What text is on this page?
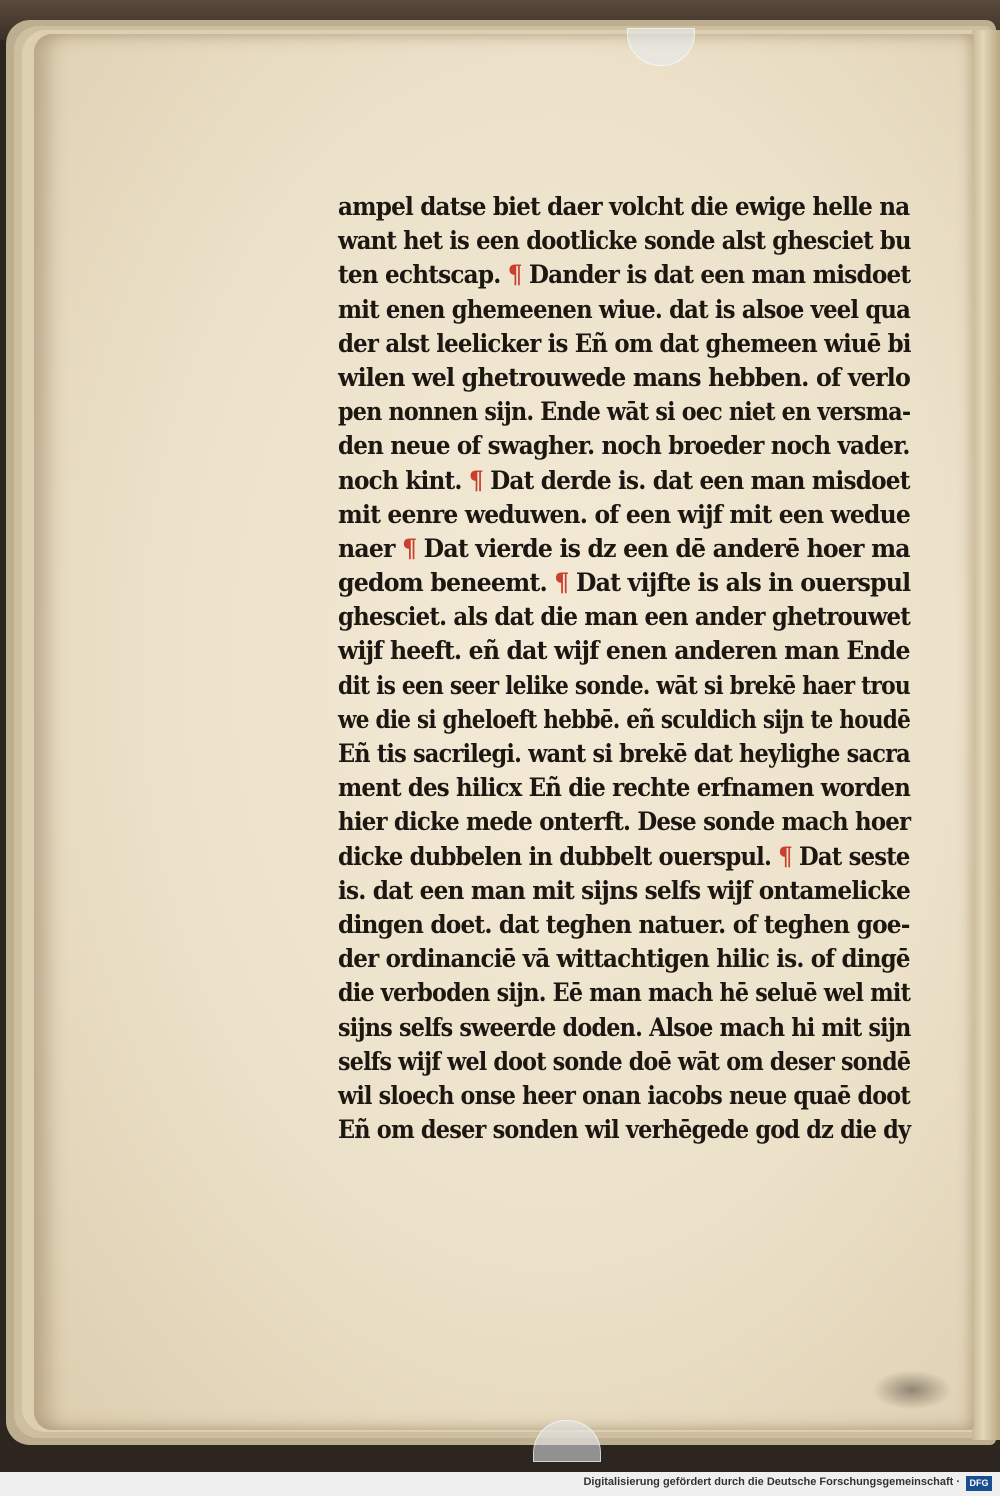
ampel datse biet daer volcht die ewige helle na
want het is een dootlicke sonde alst ghesciet bu
ten echtscap. ¶ Dander is dat een man misdoet
mit enen ghemeenen wiue. dat is alsoe veel qua
der alst leelicker is Eñ om dat ghemeen wiuē bi
wilen wel ghetrouwede mans hebben. of verlo
pen nonnen sijn. Ende wāt si oec niet en versma-
den neue of swagher. noch broeder noch vader.
noch kint. ¶ Dat derde is. dat een man misdoet
mit eenre weduwen. of een wijf mit een wedue
naer ¶ Dat vierde is dz een dē anderē hoer ma
gedom beneemt. ¶ Dat vijfte is als in ouerspul
ghesciet. als dat die man een ander ghetrouwet
wijf heeft. eñ dat wijf enen anderen man Ende
dit is een seer lelike sonde. wāt si brekē haer trou
we die si gheloeft hebbē. eñ sculdich sijn te houdē
Eñ tis sacrilegi. want si brekē dat heylighe sacra
ment des hilicx Eñ die rechte erfnamen worden
hier dicke mede onterft. Dese sonde mach hoer
dicke dubbelen in dubbelt ouerspul. ¶ Dat seste
is. dat een man mit sijns selfs wijf ontamelicke
dingen doet. dat teghen natuer. of teghen goe-
der ordinanciē vā wittachtigen hilic is. of dingē
die verboden sijn. Eē man mach hē seluē wel mit
sijns selfs sweerde doden. Alsoe mach hi mit sijn
selfs wijf wel doot sonde doē wāt om deser sondē
wil sloech onse heer onan iacobs neue quaē doot
Eñ om deser sonden wil verhēgede god dz die dy
Digitalisierung gefördert durch die Deutsche Forschungsgemeinschaft ·	DFG
